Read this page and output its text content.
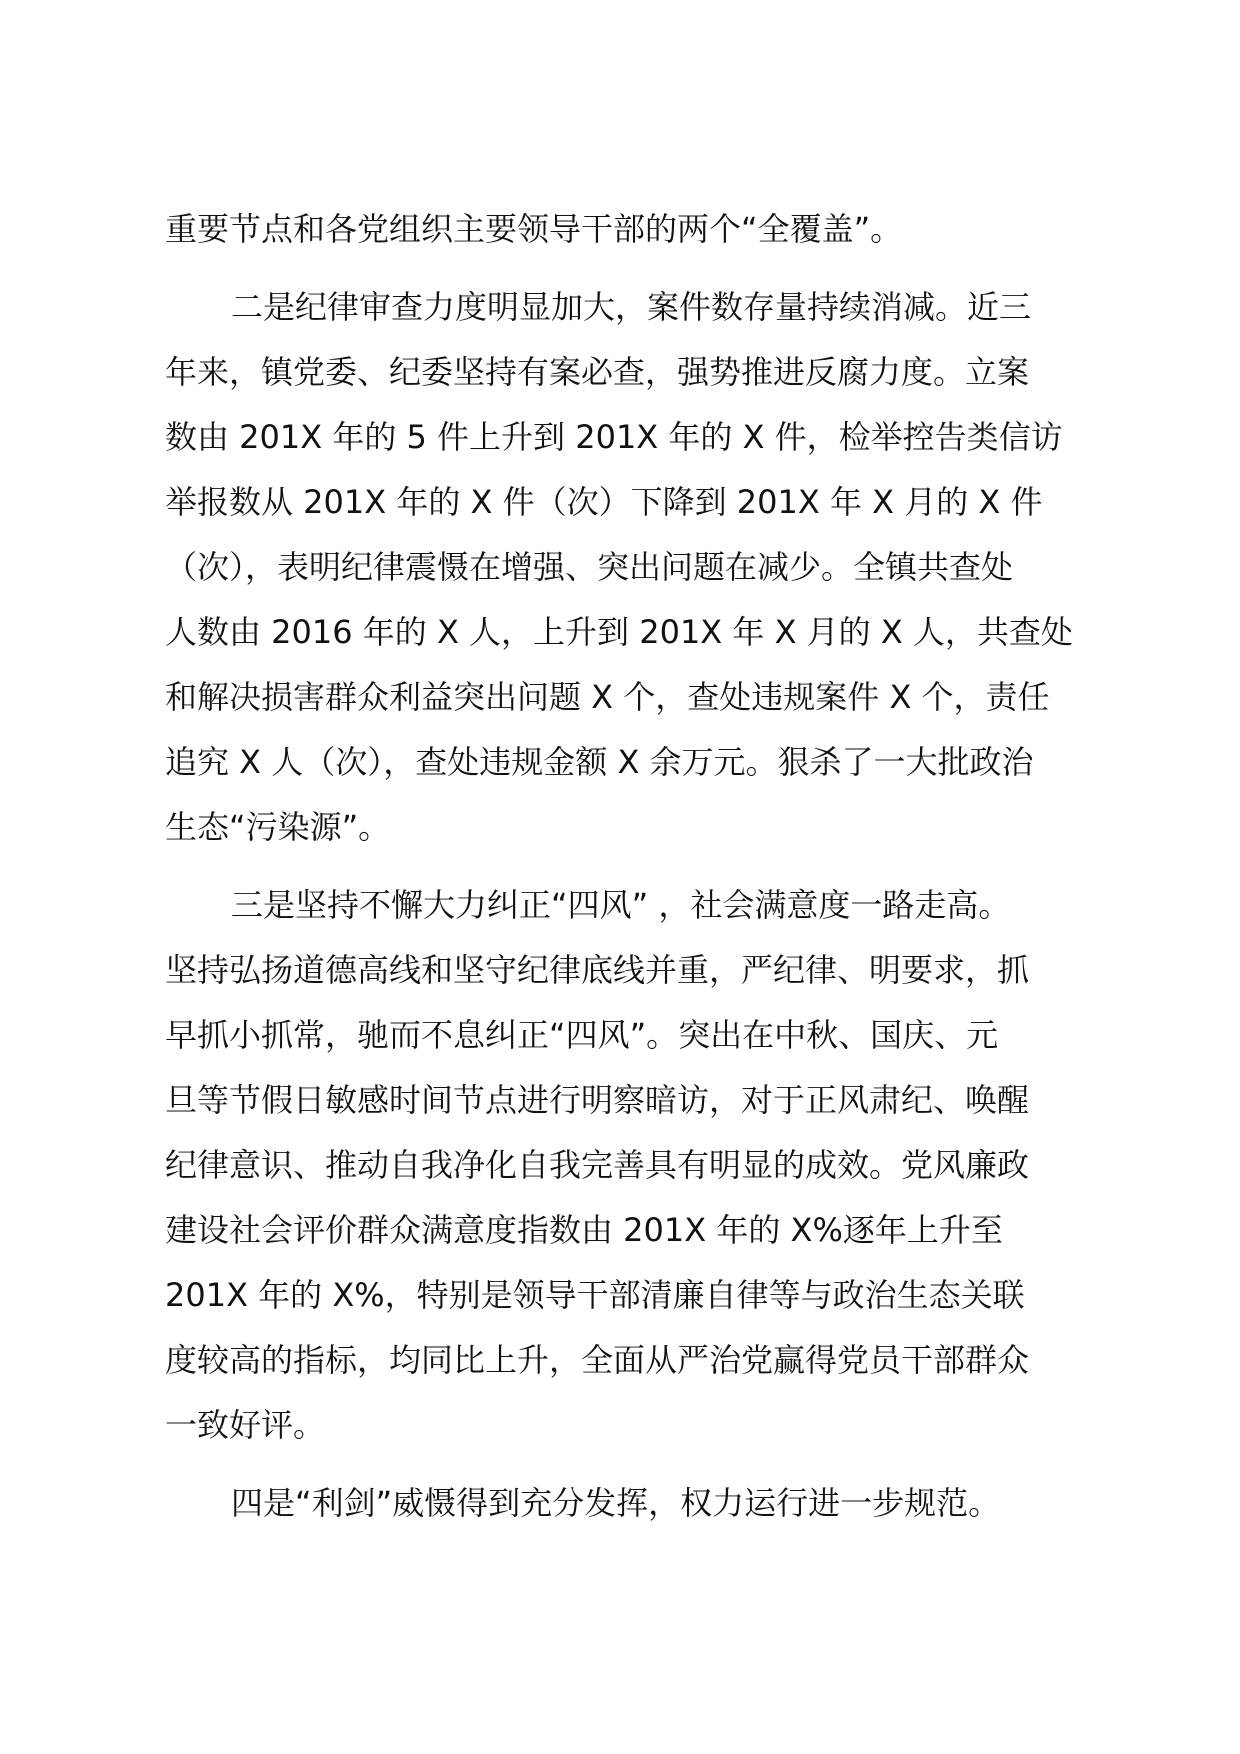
重要节点和各党组织主要领导干部的两个“全覆盖”。
二是纪律审查力度明显加大，案件数存量持续消减。近三
年来，镇党委、纪委坚持有案必查，强势推进反腐力度。立案
数由 201X 年的 5 件上升到 201X 年的 X 件，检举控告类信访
举报数从 201X 年的 X 件（次）下降到 201X 年 X 月的 X 件
（次），表明纪律震慑在增强、突出问题在减少。全镇共查处
人数由 2016 年的 X 人，上升到 201X 年 X 月的 X 人，共查处
和解决损害群众利益突出问题 X 个，查处违规案件 X 个，责任
追究 X 人（次），查处违规金额 X 余万元。狠杀了一大批政治
生态“污染源”。
三是坚持不懈大力纠正“四风” ，社会满意度一路走高。
坚持弘扬道德高线和坚守纪律底线并重，严纪律、明要求，抓
早抓小抓常，驰而不息纠正“四风”。突出在中秋、国庆、元
旦等节假日敏感时间节点进行明察暗访，对于正风肃纪、唤醒
纪律意识、推动自我净化自我完善具有明显的成效。党风廉政
建设社会评价群众满意度指数由 201X 年的 X%逐年上升至
201X 年的 X%，特别是领导干部清廉自律等与政治生态关联
度较高的指标，均同比上升，全面从严治党赢得党员干部群众
一致好评。
四是“利剑”威慑得到充分发挥，权力运行进一步规范。
